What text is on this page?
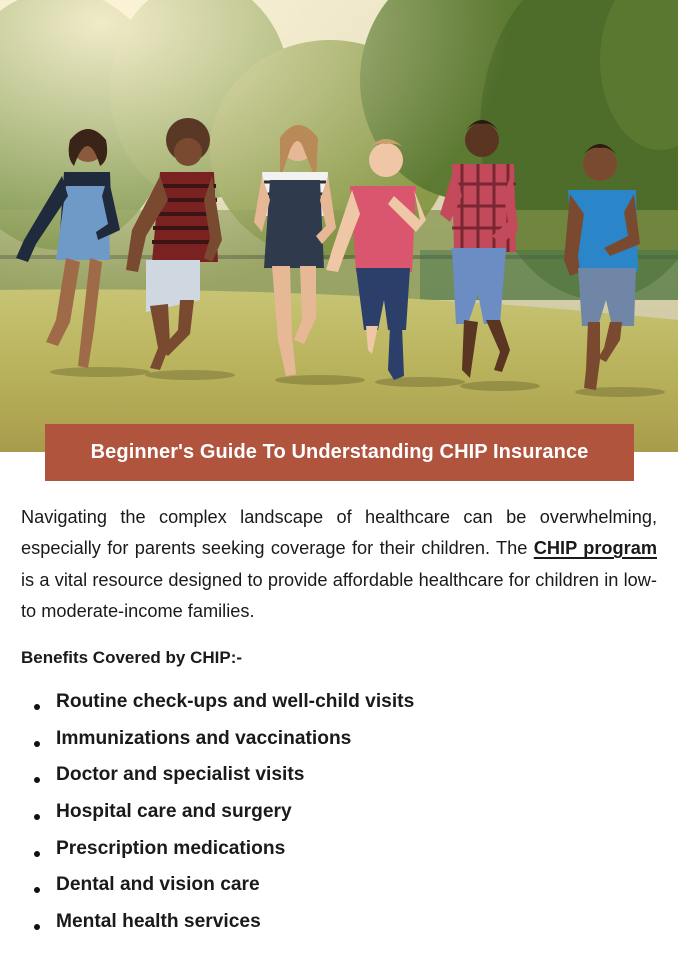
Beginner's Guide To Understanding CHIP Insurance

Navigating the complex landscape of healthcare can be overwhelming, especially for parents seeking coverage for their children. The CHIP program is a vital resource designed to provide affordable healthcare for children in low- to moderate-income families.

Benefits Covered by CHIP:-
Routine check-ups and well-child visits
Immunizations and vaccinations
Doctor and specialist visits
Hospital care and surgery
Prescription medications
Dental and vision care
Mental health services
